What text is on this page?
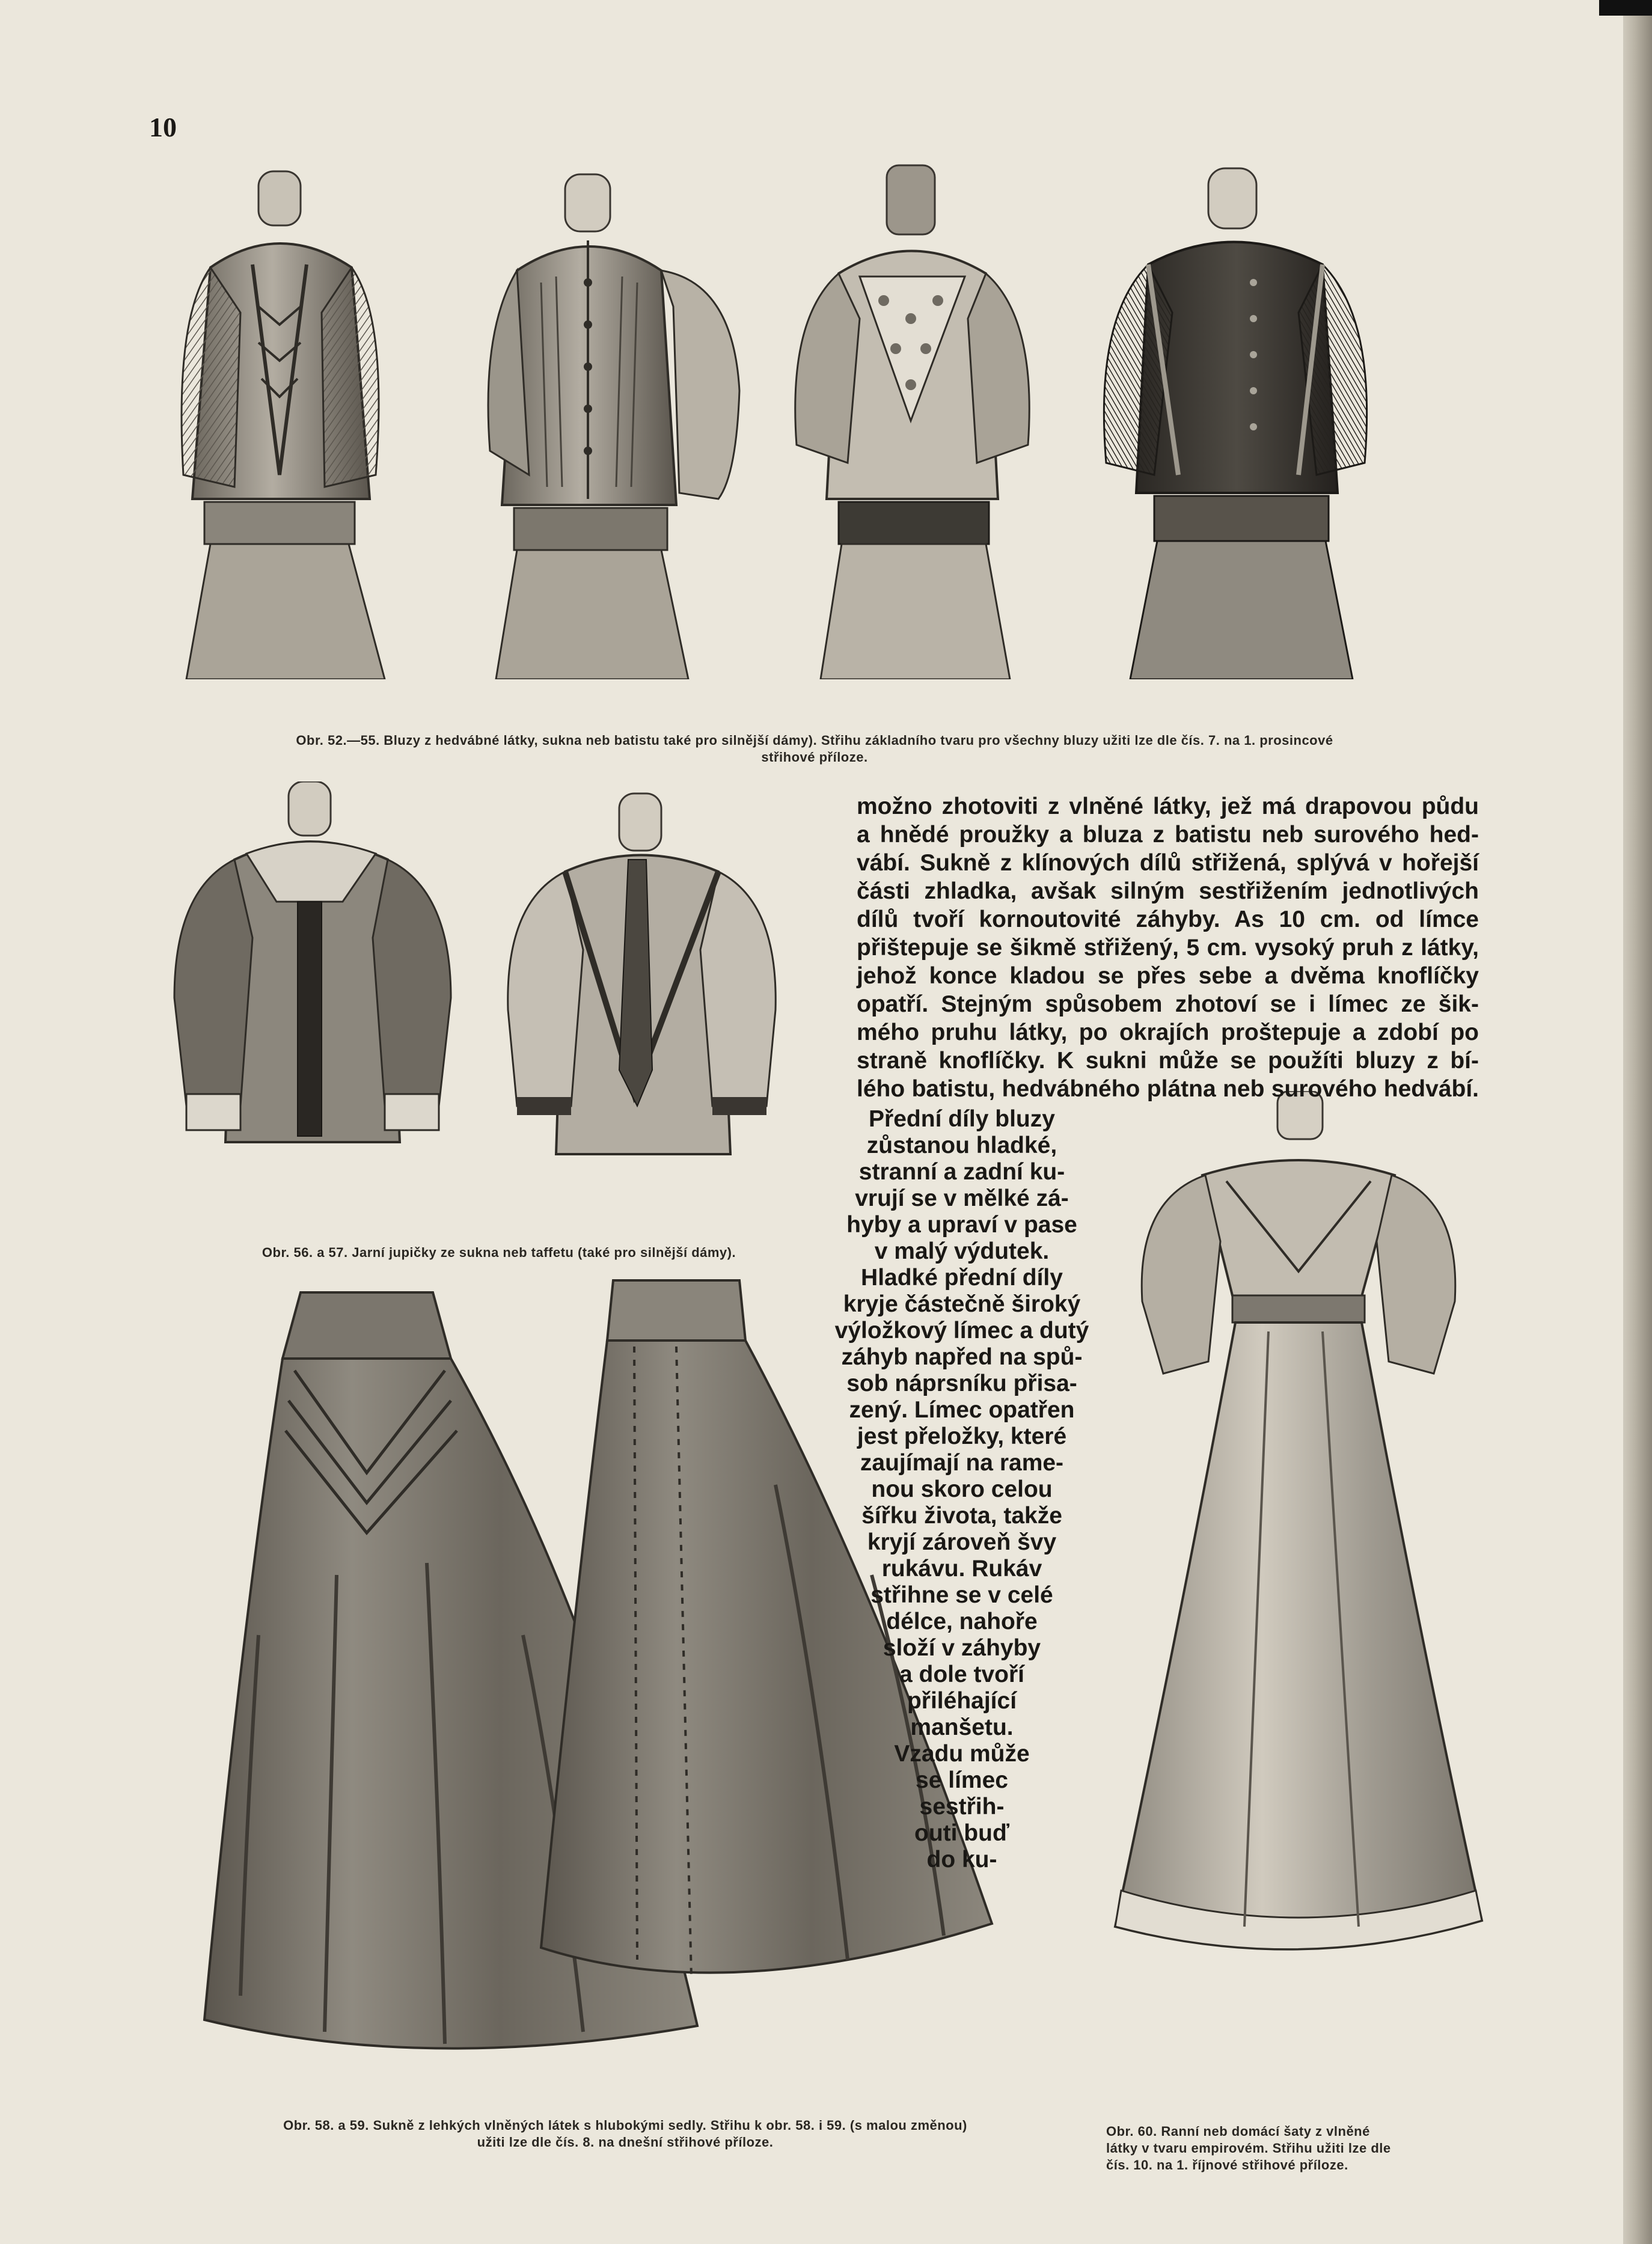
10
Obr. 52.—55. Bluzy z hedvábné látky, sukna neb batistu také pro silnější dámy). Střihu základního tvaru pro všechny bluzy užiti lze dle čís. 7. na 1. prosincové
střihové příloze.
Obr. 56. a 57. Jarní jupičky ze sukna neb taffetu (také pro silnější dámy).
Obr. 58. a 59. Sukně z lehkých vlněných látek s hlubokými sedly. Střihu k obr. 58. i 59. (s malou změnou)
užiti lze dle čís. 8. na dnešní střihové příloze.
Obr. 60. Ranní neb domácí šaty z vlněné
látky v tvaru empirovém. Střihu užiti lze dle
čís. 10. na 1. říjnové střihové příloze.
možno zhotoviti z vlněné látky, jež má drapovou půdu
a hnědé proužky a bluza z batistu neb surového hed-
vábí. Sukně z klínových dílů střižená, splývá v hořejší
části zhladka, avšak silným sestřižením jednotlivých
dílů tvoří kornoutovité záhyby. As 10 cm. od límce
přištepuje se šikmě střižený, 5 cm. vysoký pruh z látky,
jehož konce kladou se přes sebe a dvěma knoflíčky
opatří. Stejným spůsobem zhotoví se i límec ze šik-
mého pruhu látky, po okrajích proštepuje a zdobí po
straně knoflíčky. K sukni může se použíti bluzy z bí-
lého batistu, hedvábného plátna neb surového hedvábí.
Přední díly bluzy
zůstanou hladké,
stranní a zadní ku-
vrují se v mělké zá-
hyby a upraví v pase
v malý výdutek.
Hladké přední díly
kryje částečně široký
výložkový límec a dutý
záhyb napřed na spů-
sob náprsníku přisa-
zený. Límec opatřen
jest přeložky, které
zaujímají na rame-
nou skoro celou
šířku života, takže
kryjí zároveň švy
rukávu. Rukáv
střihne se v celé
délce, nahoře
složí v záhyby
a dole tvoří
přiléhající
manšetu.
Vzadu může
se límec
sestřih-
outi buď
do ku-
